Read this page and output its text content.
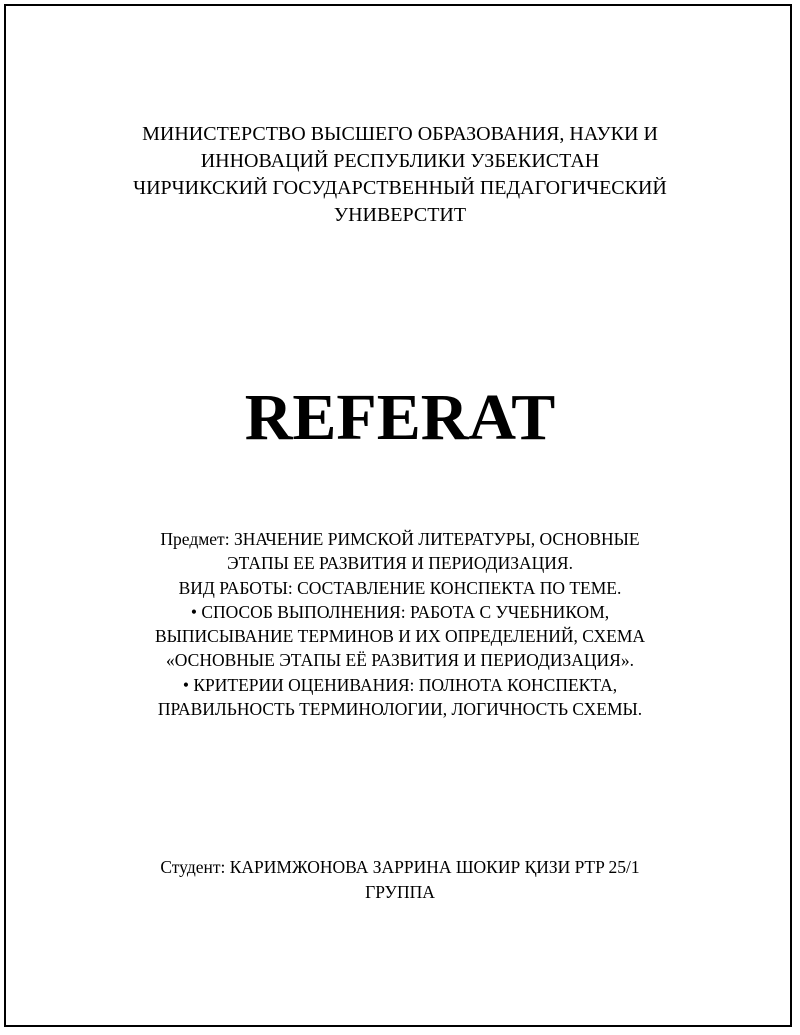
МИНИСТЕРСТВО ВЫСШЕГО ОБРАЗОВАНИЯ, НАУКИ И
ИННОВАЦИЙ РЕСПУБЛИКИ УЗБЕКИСТАН
ЧИРЧИКСКИЙ ГОСУДАРСТВЕННЫЙ ПЕДАГОГИЧЕСКИЙ
УНИВЕРСТИТ
REFERAT
Предмет: ЗНАЧЕНИЕ РИМСКОЙ ЛИТЕРАТУРЫ, ОСНОВНЫЕ
ЭТАПЫ ЕЕ РАЗВИТИЯ И ПЕРИОДИЗАЦИЯ.
ВИД РАБОТЫ: СОСТАВЛЕНИЕ КОНСПЕКТА ПО ТЕМЕ.
• СПОСОБ ВЫПОЛНЕНИЯ: РАБОТА С УЧЕБНИКОМ,
ВЫПИСЫВАНИЕ ТЕРМИНОВ И ИХ ОПРЕДЕЛЕНИЙ, СХЕМА
«ОСНОВНЫЕ ЭТАПЫ ЕЁ РАЗВИТИЯ И ПЕРИОДИЗАЦИЯ».
• КРИТЕРИИ ОЦЕНИВАНИЯ: ПОЛНОТА КОНСПЕКТА,
ПРАВИЛЬНОСТЬ ТЕРМИНОЛОГИИ, ЛОГИЧНОСТЬ СХЕМЫ.
Студент: КАРИМЖОНОВА ЗАРРИНА ШОКИР ҚИЗИ PTP 25/1
ГРУППА
